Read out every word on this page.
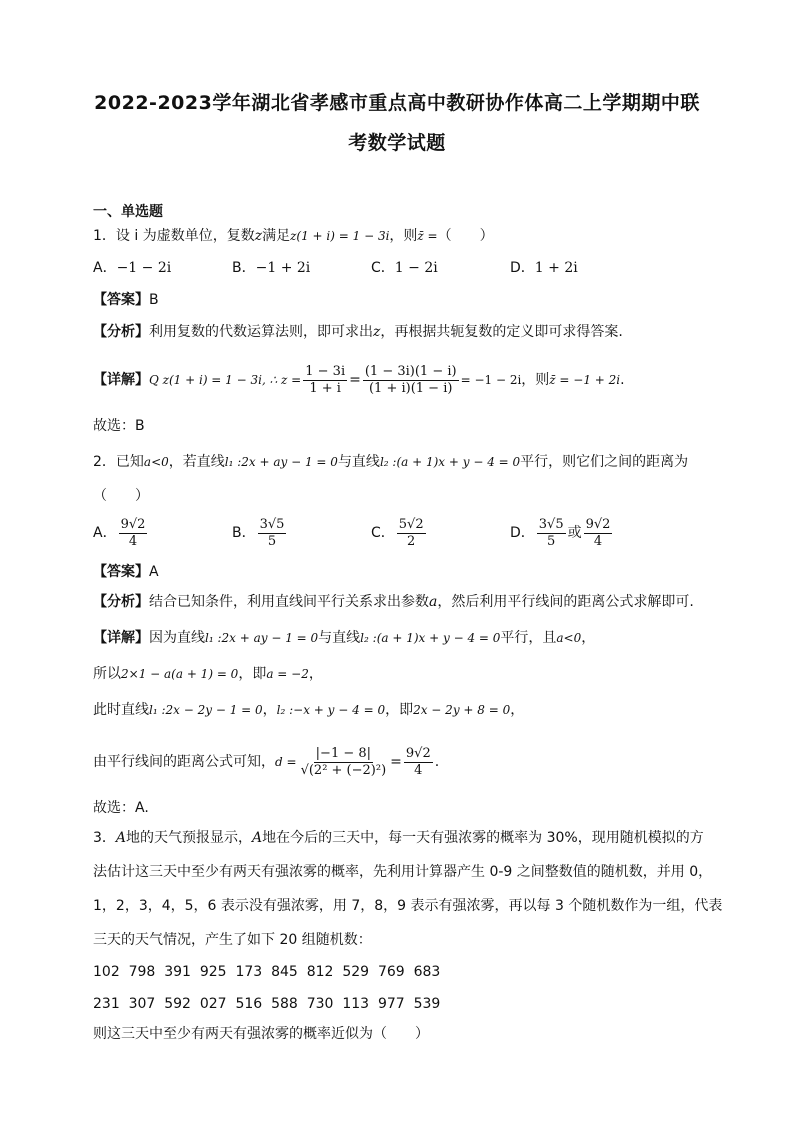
2022-2023学年湖北省孝感市重点高中教研协作体高二上学期期中联
考数学试题
一、单选题
1．设 i 为虚数单位，复数z满足z(1 + i) = 1 − 3i，则z̄ =（　　）
A．−1 − 2i	B．−1 + 2i	C．1 − 2i	D．1 + 2i
【答案】B
【分析】利用复数的代数运算法则，即可求出z，再根据共轭复数的定义即可求得答案.
【详解】 Q z(1 + i) = 1 − 3i, ∴ $z = \frac{1 - 3i}{1 + i} = \frac{(1 - 3i)(1 - i)}{(1 + i)(1 - i)} = -1 - 2i$ ，则 z̄ = −1 + 2i .
故选：B
2．已知a<0，若直线l₁ :2x + ay − 1 = 0与直线l₂ :(a + 1)x + y − 4 = 0平行，则它们之间的距离为
（　　）
A． $\frac{9√2}{4}$	B． $\frac{3√5}{5}$	C． $\frac{5√2}{2}$	D． $\frac{3√5}{5}$ 或 $\frac{9√2}{4}$
【答案】A
【分析】结合已知条件，利用直线间平行关系求出参数a，然后利用平行线间的距离公式求解即可.
【详解】因为直线l₁ :2x + ay − 1 = 0与直线l₂ :(a + 1)x + y − 4 = 0平行，且a<0，
所以2×1 − a(a + 1) = 0，即a = −2，
此时直线l₁ :2x − 2y − 1 = 0，l₂ :−x + y − 4 = 0，即2x − 2y + 8 = 0，
由平行线间的距离公式可知， $d = \frac{|-1 - 8|}{\text{√(2² + (−2)²)}} = \frac{9√2}{4}$ .
故选：A.
3．A地的天气预报显示，A地在今后的三天中，每一天有强浓雾的概率为 30%，现用随机模拟的方
法估计这三天中至少有两天有强浓雾的概率，先利用计算器产生 0-9 之间整数值的随机数，并用 0，
1，2，3，4，5，6 表示没有强浓雾，用 7，8，9 表示有强浓雾，再以每 3 个随机数作为一组，代表
三天的天气情况，产生了如下 20 组随机数：
102  798  391  925  173  845  812  529  769  683
231  307  592  027  516  588  730  113  977  539
则这三天中至少有两天有强浓雾的概率近似为（　　）
